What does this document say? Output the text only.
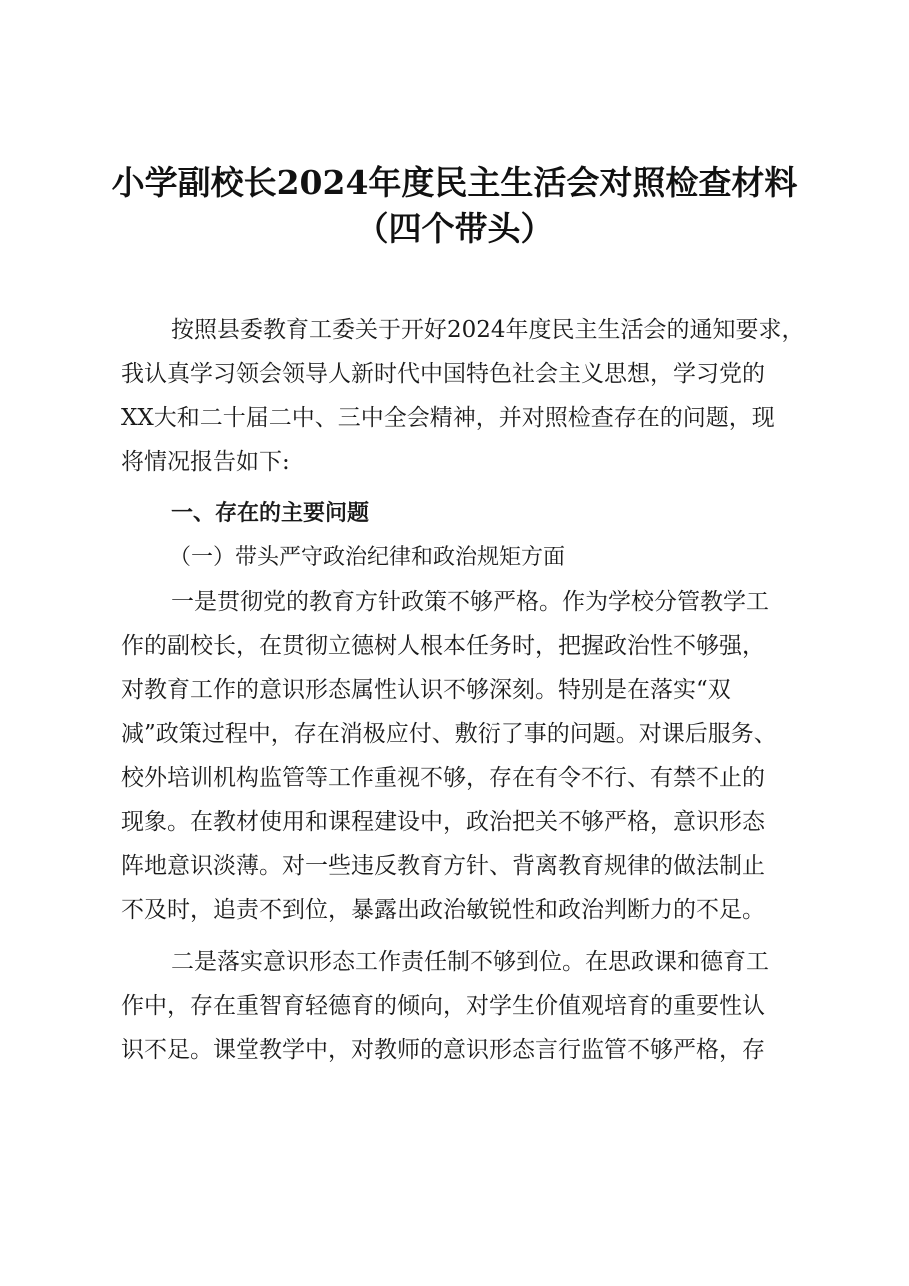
小学副校长2024年度民主生活会对照检查材料
（四个带头）
按照县委教育工委关于开好2024年度民主生活会的通知要求，
我认真学习领会领导人新时代中国特色社会主义思想，学习党的
XX大和二十届二中、三中全会精神，并对照检查存在的问题，现
将情况报告如下:
一、存在的主要问题
（一）带头严守政治纪律和政治规矩方面
一是贯彻党的教育方针政策不够严格。作为学校分管教学工
作的副校长，在贯彻立德树人根本任务时，把握政治性不够强，
对教育工作的意识形态属性认识不够深刻。特别是在落实“双
减”政策过程中，存在消极应付、敷衍了事的问题。对课后服务、
校外培训机构监管等工作重视不够，存在有令不行、有禁不止的
现象。在教材使用和课程建设中，政治把关不够严格，意识形态
阵地意识淡薄。对一些违反教育方针、背离教育规律的做法制止
不及时，追责不到位，暴露出政治敏锐性和政治判断力的不足。
二是落实意识形态工作责任制不够到位。在思政课和德育工
作中，存在重智育轻德育的倾向，对学生价值观培育的重要性认
识不足。课堂教学中，对教师的意识形态言行监管不够严格，存
